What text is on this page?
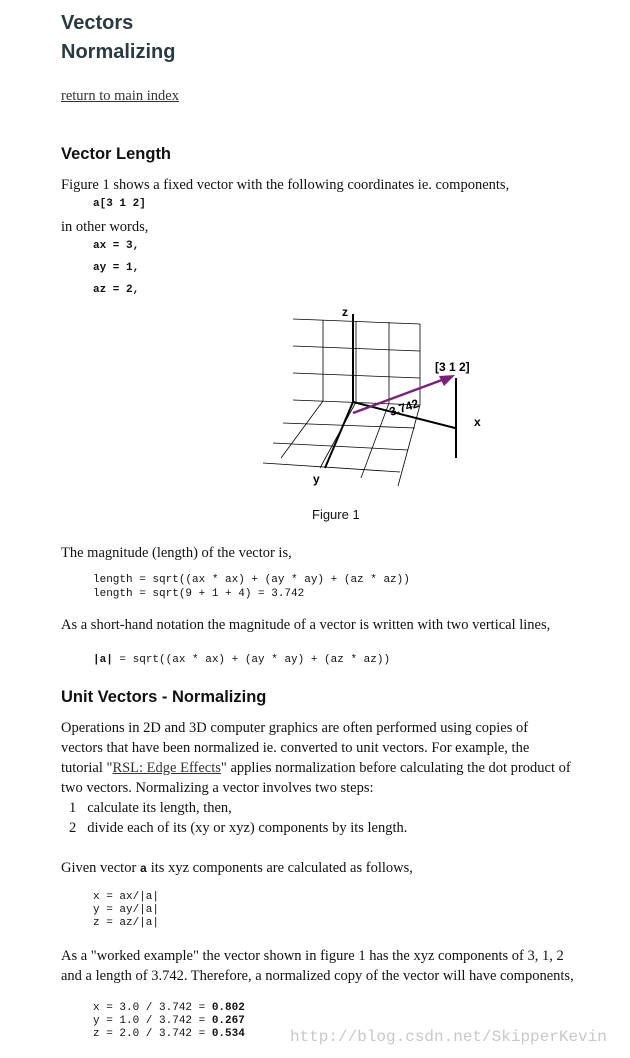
Vectors
Normalizing
return to main index
Vector Length
Figure 1 shows a fixed vector with the following coordinates ie. components,
a[3 1 2]
in other words,
ax = 3,
ay = 1,
az = 2,
z
x
y
[3 1 2]
3.742
Figure 1
The magnitude (length) of the vector is,
length = sqrt((ax * ax) + (ay * ay) + (az * az))
length = sqrt(9 + 1 + 4) = 3.742
As a short-hand notation the magnitude of a vector is written with two vertical lines,
|a| = sqrt((ax * ax) + (ay * ay) + (az * az))
Unit Vectors - Normalizing
Operations in 2D and 3D computer graphics are often performed using copies of
vectors that have been normalized ie. converted to unit vectors. For example, the
tutorial "RSL: Edge Effects" applies normalization before calculating the dot product of
two vectors. Normalizing a vector involves two steps:
1 calculate its length, then,
2 divide each of its (xy or xyz) components by its length.
Given vector a its xyz components are calculated as follows,
x = ax/|a|
y = ay/|a|
z = az/|a|
As a "worked example" the vector shown in figure 1 has the xyz components of 3, 1, 2
and a length of 3.742. Therefore, a normalized copy of the vector will have components,
x = 3.0 / 3.742 = 0.802
y = 1.0 / 3.742 = 0.267
z = 2.0 / 3.742 = 0.534	http://blog.csdn.net/SkipperKevin
